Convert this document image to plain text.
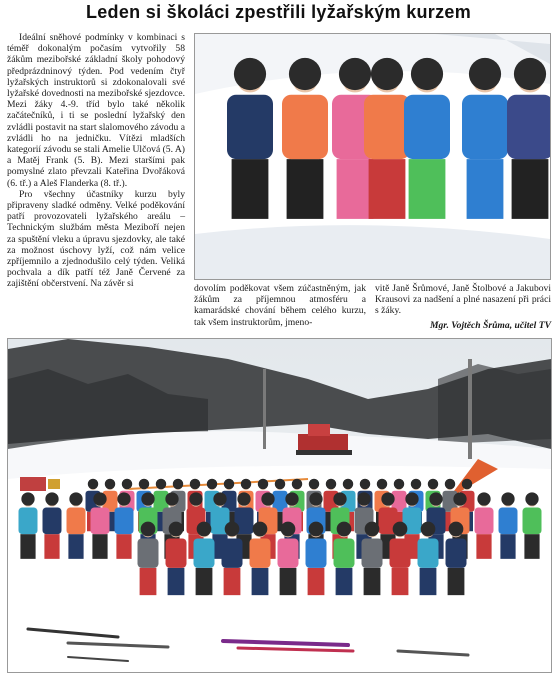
Leden si školáci zpestřili lyžařským kurzem

Ideální sněhové podmínky v kombinaci s téměř dokonalým počasím vytvořily 58 žákům mezibořské základní školy pohodový předprázdninový týden. Pod vedením čtyř lyžařských instruktorů si zdokonalovali své lyžařské dovednosti na mezibořské sjezdovce. Mezi žáky 4.-9. tříd bylo také několik začátečníků, i ti se poslední lyžařský den zvládli postavit na start slalomového závodu a zvládli ho na jedničku. Vítězi mladších kategorií závodu se stali Amelie Ulčová (5. A) a Matěj Frank (5. B). Mezi staršími pak pomyslné zlato převzali Kateřina Dvořáková (6. tř.) a Aleš Flanderka (8. tř.).

Pro všechny účastníky kurzu byly připraveny sladké odměny. Velké poděkování patří provozovateli lyžařského areálu – Technickým službám města Meziboří nejen za spuštění vleku a úpravu sjezdovky, ale také za možnost úschovy lyží, což nám velice zpříjemnilo a zjednodušilo celý týden. Veliká pochvala a dík patří též Janě Červené za zajištění občerstvení. Na závěr si	dovolím poděkovat všem zúčastněným, jak žákům za příjemnou atmosféru a kamarádské chování během celého kurzu, tak všem instruktorům, jmeno-

vitě Janě Šrůmové, Janě Štolbové a Jakubovi Krausovi za nadšení a plné nasazení při práci s žáky.

Mgr. Vojtěch Šrůma, učitel TV
